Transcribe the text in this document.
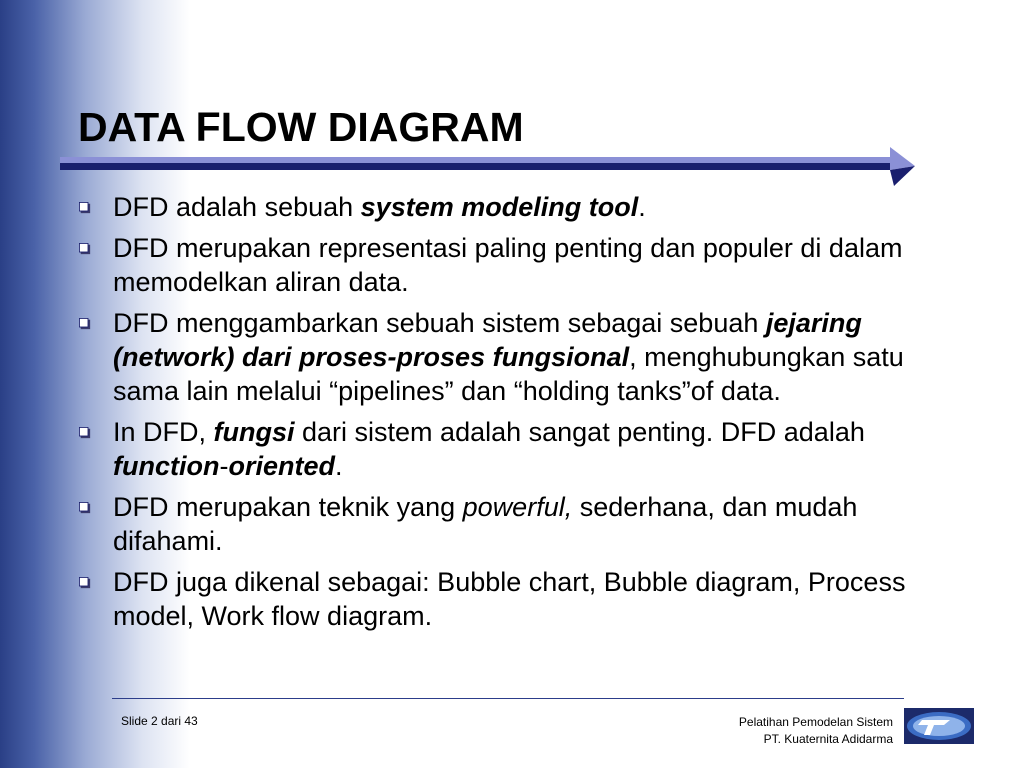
DATA FLOW DIAGRAM
DFD adalah sebuah system modeling tool.
DFD merupakan representasi paling penting dan populer di dalam memodelkan aliran data.
DFD menggambarkan sebuah sistem sebagai sebuah jejaring (network) dari proses-proses fungsional, menghubungkan satu sama lain melalui “pipelines” dan “holding tanks”of data.
In DFD, fungsi dari sistem adalah sangat penting. DFD adalah function-oriented.
DFD merupakan teknik yang powerful, sederhana, dan mudah difahami.
DFD juga dikenal sebagai: Bubble chart, Bubble diagram, Process model, Work flow diagram.
Slide 2 dari 43	Pelatihan Pemodelan Sistem
PT. Kuaternita Adidarma
